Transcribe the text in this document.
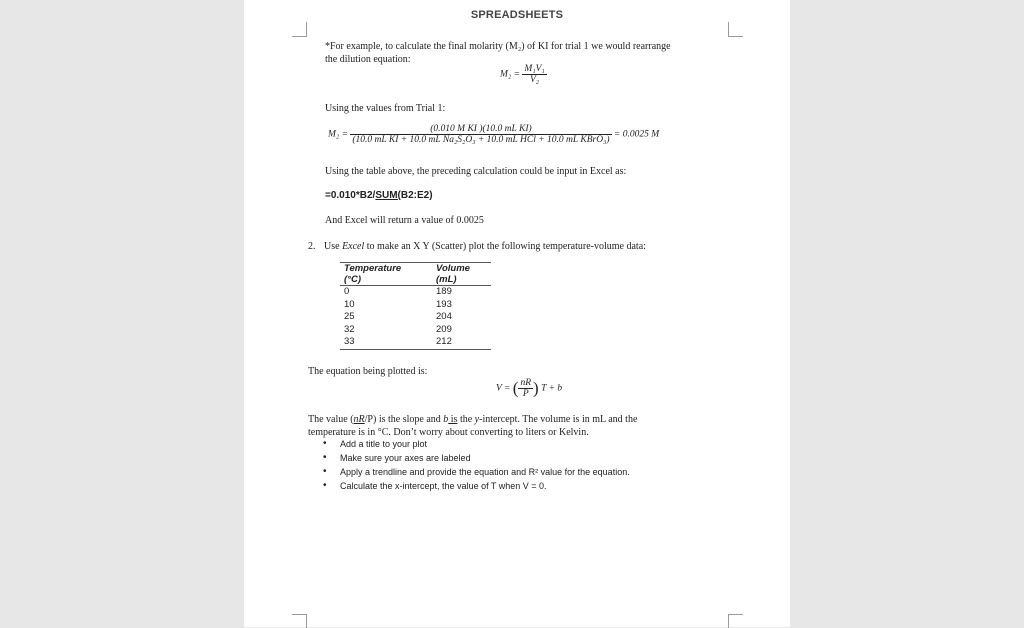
SPREADSHEETS
*For example, to calculate the final molarity (M₂) of KI for trial 1 we would rearrange
the dilution equation:
$M_2 = \frac{\text{M₁V₁}}{\text{V₂}}$
Using the values from Trial 1:
$M_2 = \frac{\text{(0.010 M KI )(10.0 mL KI)}}{\text{(10.0 mL KI + 10.0 mL Na₂S₂O₃ + 10.0 mL HCl + 10.0 mL KBrO₃)}} = 0.0025$ M
Using the table above, the preceding calculation could be input in Excel as:
=0.010*B2/SUM(B2:E2)
And Excel will return a value of 0.0025
2. Use Excel to make an X Y (Scatter) plot the following temperature-volume data:
Temperature
(°C)	Volume
(mL)
0	189
10	193
25	204
32	209
33	212
The equation being plotted is:
V = ( $\frac{nR}{P}$ ) T + b
The value (nR/P) is the slope and b is the y-intercept. The volume is in mL and the
temperature is in °C. Don’t worry about converting to liters or Kelvin.
• Add a title to your plot
• Make sure your axes are labeled
• Apply a trendline and provide the equation and R² value for the equation.
• Calculate the x-intercept, the value of T when V = 0.
